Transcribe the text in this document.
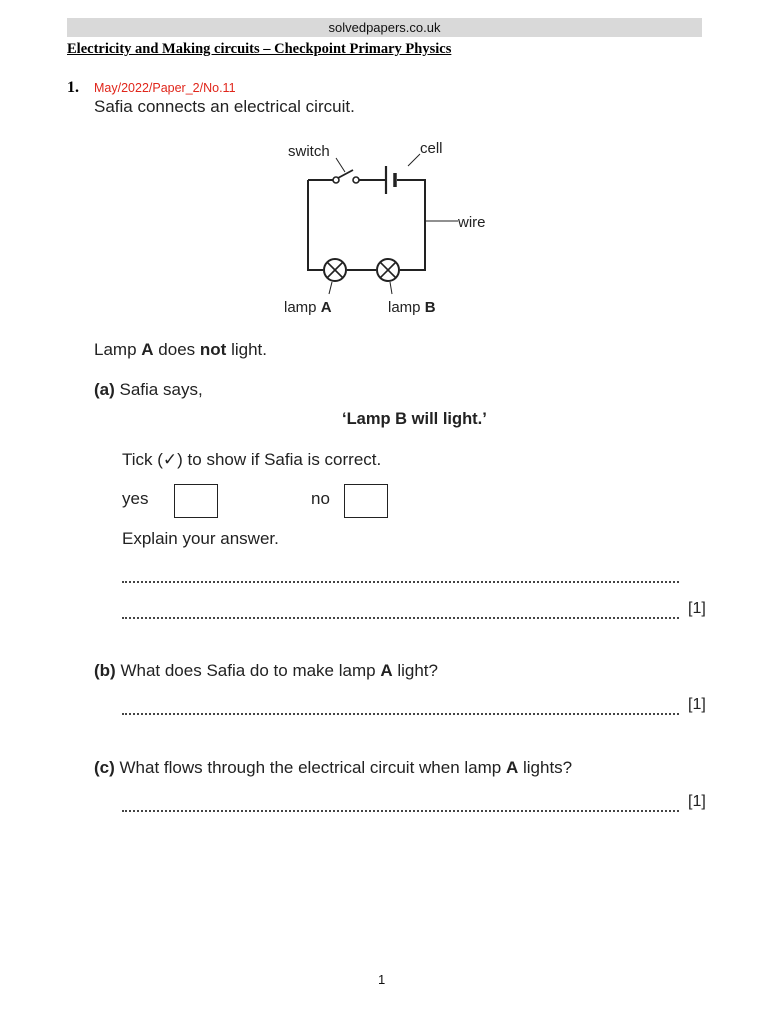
solvedpapers.co.uk
Electricity and Making circuits – Checkpoint Primary Physics
1. May/2022/Paper_2/No.11
Safia connects an electrical circuit.
switch	cell
wire
lamp A	lamp B
Lamp A does not light.
(a) Safia says,
‘Lamp B will light.’
Tick (✓) to show if Safia is correct.
yes	no
Explain your answer.
[1]
(b) What does Safia do to make lamp A light?
[1]
(c) What flows through the electrical circuit when lamp A lights?
[1]
1
